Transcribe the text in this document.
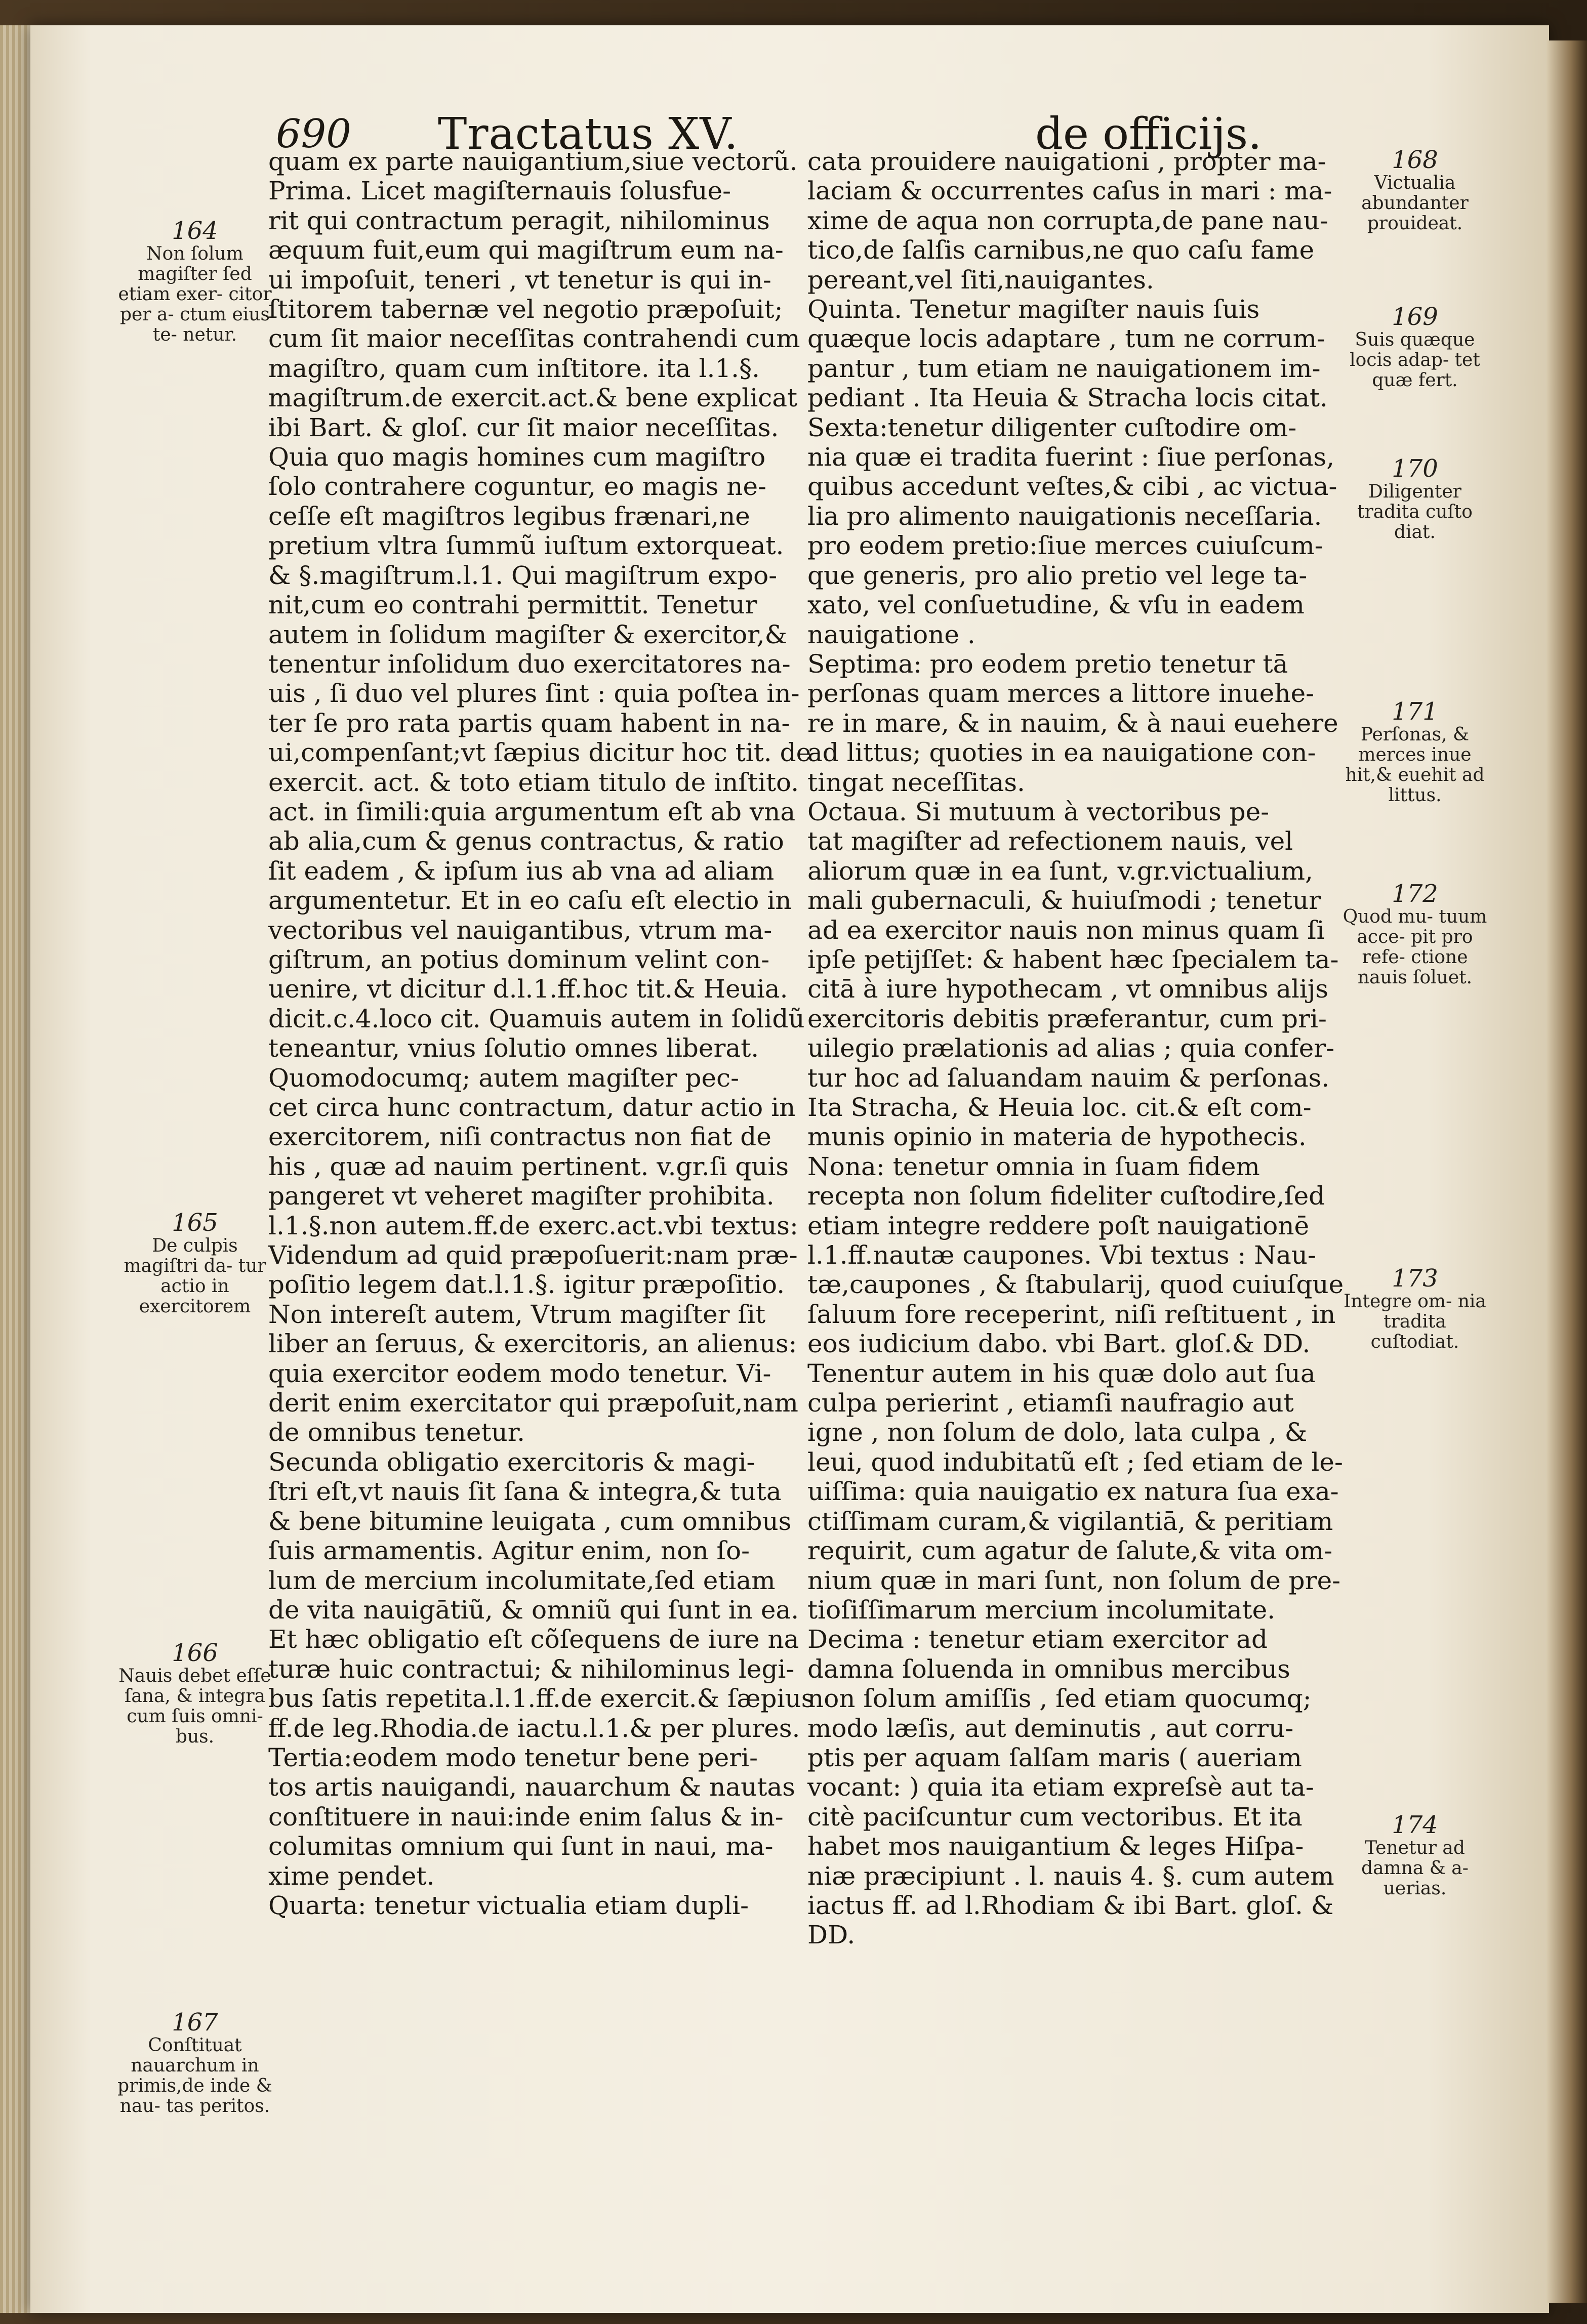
690 Tractatus XV.	de officijs.
quam ex parte nauigantium,siue vectorũ.
Prima. Licet magiſternauis ſolusfue-
rit qui contractum peragit, nihilominus
æquum fuit,eum qui magiſtrum eum na-
ui impoſuit, teneri , vt tenetur is qui in-
ſtitorem tabernæ vel negotio præpoſuit;
cum ſit maior neceſſitas contrahendi cum
magiſtro, quam cum inſtitore. ita l.1.§.
magiſtrum.de exercit.act.& bene explicat
ibi Bart. & gloſ. cur ſit maior neceſſitas.
Quia quo magis homines cum magiſtro
ſolo contrahere coguntur, eo magis ne-
ceſſe eſt magiſtros legibus frænari,ne
pretium vltra ſummũ iuſtum extorqueat.
& §.magiſtrum.l.1. Qui magiſtrum expo-
nit,cum eo contrahi permittit. Tenetur
autem in ſolidum magiſter & exercitor,&
tenentur inſolidum duo exercitatores na-
uis , ſi duo vel plures ſint : quia poſtea in-
ter ſe pro rata partis quam habent in na-
ui,compenſant;vt ſæpius dicitur hoc tit. de
exercit. act. & toto etiam titulo de inſtito.
act. in ſimili:quia argumentum eſt ab vna
ab alia,cum & genus contractus, & ratio
ſit eadem , & ipſum ius ab vna ad aliam
argumentetur. Et in eo caſu eſt electio in
vectoribus vel nauigantibus, vtrum ma-
giſtrum, an potius dominum velint con-
uenire, vt dicitur d.l.1.ff.hoc tit.& Heuia.
dicit.c.4.loco cit. Quamuis autem in ſolidũ
teneantur, vnius ſolutio omnes liberat.
Quomodocumq; autem magiſter pec-
cet circa hunc contractum, datur actio in
exercitorem, niſi contractus non fiat de
his , quæ ad nauim pertinent. v.gr.ſi quis
pangeret vt veheret magiſter prohibita.
l.1.§.non autem.ff.de exerc.act.vbi textus:
Videndum ad quid præpoſuerit:nam præ-
poſitio legem dat.l.1.§. igitur præpoſitio.
Non intereſt autem, Vtrum magiſter ſit
liber an ſeruus, & exercitoris, an alienus:
quia exercitor eodem modo tenetur. Vi-
derit enim exercitator qui præpoſuit,nam
de omnibus tenetur.
Secunda obligatio exercitoris & magi-
ſtri eſt,vt nauis ſit ſana & integra,& tuta
& bene bitumine leuigata , cum omnibus
ſuis armamentis. Agitur enim, non ſo-
lum de mercium incolumitate,ſed etiam
de vita nauigātiũ, & omniũ qui ſunt in ea.
Et hæc obligatio eſt cõſequens de iure na
turæ huic contractui; & nihilominus legi-
bus ſatis repetita.l.1.ff.de exercit.& ſæpius
ff.de leg.Rhodia.de iactu.l.1.& per plures.
Tertia:eodem modo tenetur bene peri-
tos artis nauigandi, nauarchum & nautas
conſtituere in naui:inde enim ſalus & in-
columitas omnium qui ſunt in naui, ma-
xime pendet.
Quarta: tenetur victualia etiam dupli-
cata prouidere nauigationi , propter ma-
laciam & occurrentes caſus in mari : ma-
xime de aqua non corrupta,de pane nau-
tico,de ſalſis carnibus,ne quo caſu fame
pereant,vel ſiti,nauigantes.
Quinta. Tenetur magiſter nauis ſuis
quæque locis adaptare , tum ne corrum-
pantur , tum etiam ne nauigationem im-
pediant . Ita Heuia & Stracha locis citat.
Sexta:tenetur diligenter cuſtodire om-
nia quæ ei tradita fuerint : ſiue perſonas,
quibus accedunt veſtes,& cibi , ac victua-
lia pro alimento nauigationis neceſſaria.
pro eodem pretio:ſiue merces cuiuſcum-
que generis, pro alio pretio vel lege ta-
xato, vel conſuetudine, & vſu in eadem
nauigatione .
Septima: pro eodem pretio tenetur tā
perſonas quam merces a littore inuehe-
re in mare, & in nauim, & à naui euehere
ad littus; quoties in ea nauigatione con-
tingat neceſſitas.
Octaua. Si mutuum à vectoribus pe-
tat magiſter ad refectionem nauis, vel
aliorum quæ in ea ſunt, v.gr.victualium,
mali gubernaculi, & huiuſmodi ; tenetur
ad ea exercitor nauis non minus quam ſi
ipſe petijſſet: & habent hæc ſpecialem ta-
citā à iure hypothecam , vt omnibus alijs
exercitoris debitis præferantur, cum pri-
uilegio prælationis ad alias ; quia confer-
tur hoc ad ſaluandam nauim & perſonas.
Ita Stracha, & Heuia loc. cit.& eſt com-
munis opinio in materia de hypothecis.
Nona: tenetur omnia in ſuam fidem
recepta non ſolum fideliter cuſtodire,ſed
etiam integre reddere poſt nauigationē
l.1.ff.nautæ caupones. Vbi textus : Nau-
tæ,caupones , & ſtabularij, quod cuiuſque
ſaluum fore receperint, niſi reſtituent , in
eos iudicium dabo. vbi Bart. gloſ.& DD.
Tenentur autem in his quæ dolo aut ſua
culpa perierint , etiamſi naufragio aut
igne , non ſolum de dolo, lata culpa , &
leui, quod indubitatũ eſt ; ſed etiam de le-
uiſſima: quia nauigatio ex natura ſua exa-
ctiſſimam curam,& vigilantiā, & peritiam
requirit, cum agatur de ſalute,& vita om-
nium quæ in mari ſunt, non ſolum de pre-
tioſiſſimarum mercium incolumitate.
Decima : tenetur etiam exercitor ad
damna ſoluenda in omnibus mercibus
non ſolum amiſſis , ſed etiam quocumq;
modo læſis, aut deminutis , aut corru-
ptis per aquam ſalſam maris ( aueriam
vocant: ) quia ita etiam expreſsè aut ta-
citè paciſcuntur cum vectoribus. Et ita
habet mos nauigantium & leges Hiſpa-
niæ præcipiunt . l. nauis 4. §. cum autem
iactus ff. ad l.Rhodiam & ibi Bart. gloſ. &
DD.
164
Non ſolum magiſter ſed etiam exer- citor per a- ctum eius te- netur.
165
De culpis magiſtri da- tur actio in exercitorem
166
Nauis debet eſſe ſana, & integra cum ſuis omni- bus.
167
Conſtituat nauarchum in primis,de inde & nau- tas peritos.
168
Victualia abundanter prouideat.
169
Suis quæque locis adap- tet quæ fert.
170
Diligenter tradita cuſto diat.
171
Perſonas, & merces inue hit,& euehit ad littus.
172
Quod mu- tuum acce- pit pro refe- ctione nauis ſoluet.
173
Integre om- nia tradita cuſtodiat.
174
Tenetur ad damna & a- uerias.
